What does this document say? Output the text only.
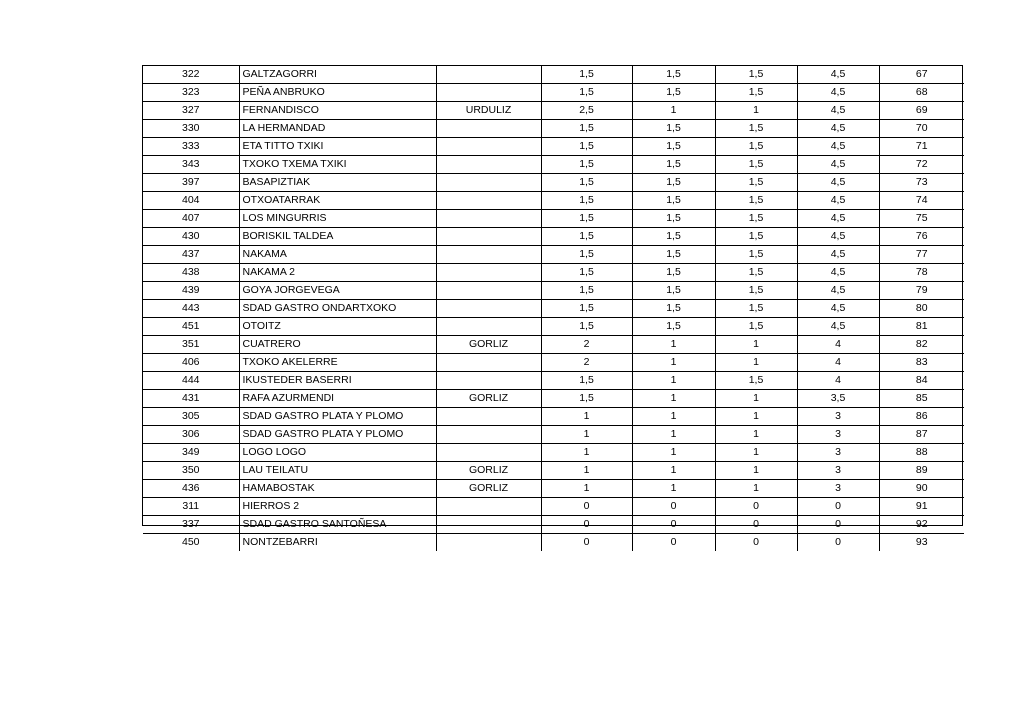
322	GALTZAGORRI		1,5	1,5	1,5	4,5	67
323	PEÑA ANBRUKO		1,5	1,5	1,5	4,5	68
327	FERNANDISCO	URDULIZ	2,5	1	1	4,5	69
330	LA HERMANDAD		1,5	1,5	1,5	4,5	70
333	ETA TITTO TXIKI		1,5	1,5	1,5	4,5	71
343	TXOKO TXEMA TXIKI		1,5	1,5	1,5	4,5	72
397	BASAPIZTIAK		1,5	1,5	1,5	4,5	73
404	OTXOATARRAK		1,5	1,5	1,5	4,5	74
407	LOS MINGURRIS		1,5	1,5	1,5	4,5	75
430	BORISKIL TALDEA		1,5	1,5	1,5	4,5	76
437	NAKAMA		1,5	1,5	1,5	4,5	77
438	NAKAMA 2		1,5	1,5	1,5	4,5	78
439	GOYA JORGEVEGA		1,5	1,5	1,5	4,5	79
443	SDAD GASTRO ONDARTXOKO		1,5	1,5	1,5	4,5	80
451	OTOITZ		1,5	1,5	1,5	4,5	81
351	CUATRERO	GORLIZ	2	1	1	4	82
406	TXOKO AKELERRE		2	1	1	4	83
444	IKUSTEDER BASERRI		1,5	1	1,5	4	84
431	RAFA AZURMENDI	GORLIZ	1,5	1	1	3,5	85
305	SDAD GASTRO PLATA Y PLOMO		1	1	1	3	86
306	SDAD GASTRO PLATA Y PLOMO		1	1	1	3	87
349	LOGO LOGO		1	1	1	3	88
350	LAU TEILATU	GORLIZ	1	1	1	3	89
436	HAMABOSTAK	GORLIZ	1	1	1	3	90
311	HIERROS 2		0	0	0	0	91
337	SDAD GASTRO SANTOÑESA		0	0	0	0	92
450	NONTZEBARRI		0	0	0	0	93
